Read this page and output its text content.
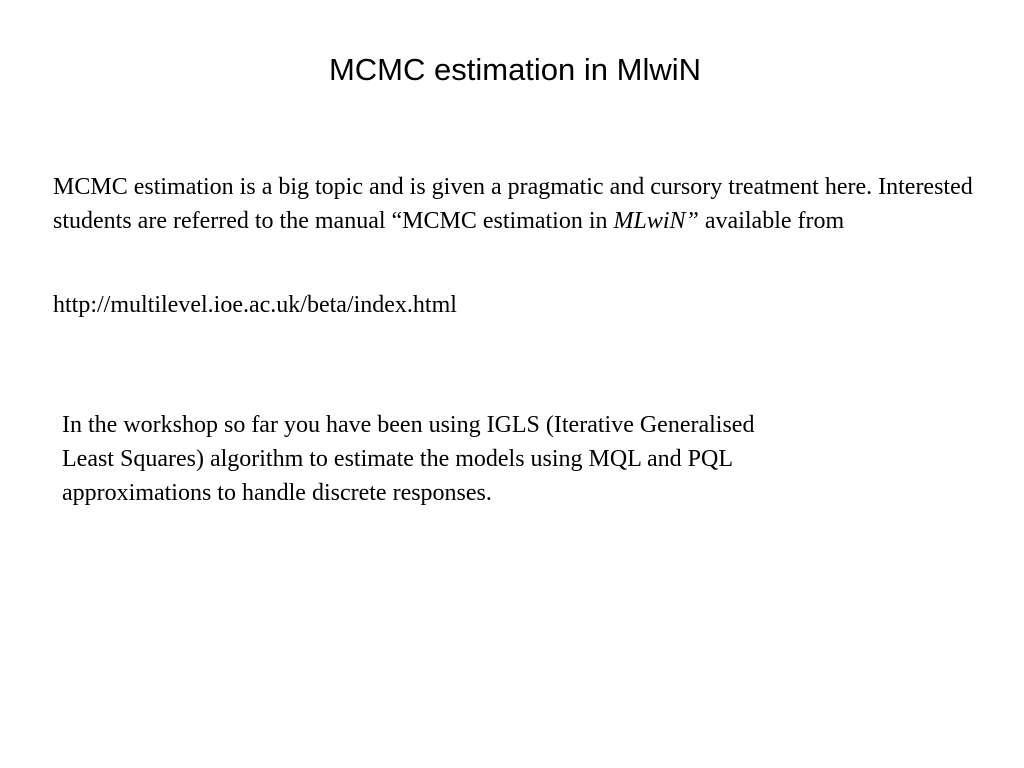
MCMC estimation in MlwiN

MCMC estimation is a big topic and is given a pragmatic and cursory treatment here. Interested students are referred to the manual “MCMC estimation in MLwiN” available from

http://multilevel.ioe.ac.uk/beta/index.html

In the workshop so far you have been using IGLS (Iterative Generalised Least Squares) algorithm to estimate the models using MQL and PQL approximations to handle discrete responses.
